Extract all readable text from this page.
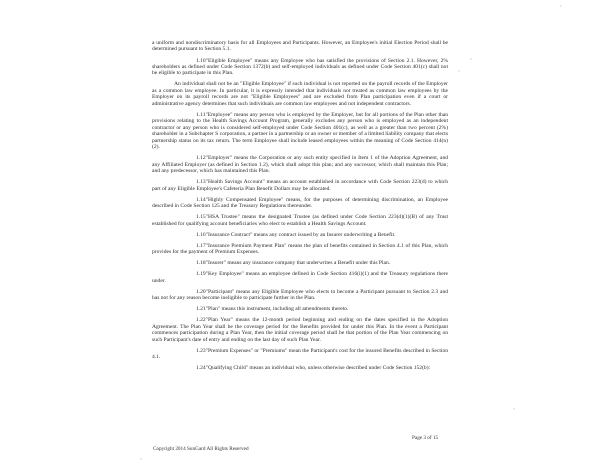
a uniform and nondiscriminatory basis for all Employees and Participants. However, an Employee's initial Election Period shall be determined pursuant to Section 5.1.

1.10"Eligible Employee" means any Employee who has satisfied the provisions of Section 2.1. However, 2% shareholders as defined under Code Section 1372(b) and self-employed individuals as defined under Code Section 401(c) shall not be eligible to participate in this Plan.

An individual shall not be an "Eligible Employee" if such individual is not reported on the payroll records of the Employer as a common law employee. In particular, it is expressly intended that individuals not treated as common law employees by the Employer on its payroll records are not "Eligible Employees" and are excluded from Plan participation even if a court or administrative agency determines that such individuals are common law employees and not independent contractors.

1.11"Employee" means any person who is employed by the Employer, but for all portions of the Plan other than provisions relating to the Health Savings Account Program, generally excludes any person who is employed as an independent contractor or any person who is considered self-employed under Code Section 401(c), as well as a greater than two percent (2%) shareholder in a Subchapter S corporation, a partner in a partnership or an owner or member of a limited liability company that elects partnership status on its tax return. The term Employee shall include leased employees within the meaning of Code Section 414(n)(2).

1.12"Employer" means the Corporation or any such entity specified in Item 1 of the Adoption Agreement, and any Affiliated Employer (as defined in Section 1.2), which shall adopt this plan; and any successor, which shall maintain this Plan; and any predecessor, which has maintained this Plan.

1.13"Health Savings Account" means an account established in accordance with Code Section 223(d) to which part of any Eligible Employee's Cafeteria Plan Benefit Dollars may be allocated.

1.14"Highly Compensated Employee" means, for the purposes of determining discrimination, an Employee described in Code Section 125 and the Treasury Regulations thereunder.

1.15"HSA Trustee" means the designated Trustee (as defined under Code Section 223(d)(1)(B) of any Trust established for qualifying account beneficiaries who elect to establish a Health Savings Account.

1.16"Insurance Contract" means any contract issued by an Insurer underwriting a Benefit.

1.17"Insurance Premium Payment Plan" means the plan of benefits contained in Section 4.1 of this Plan, which provides for the payment of Premium Expenses.

1.18"Insurer" means any insurance company that underwrites a Benefit under this Plan.

1.19"Key Employee" means an employee defined in Code Section 416(i)(1) and the Treasury regulations there under.

1.20"Participant" means any Eligible Employee who elects to become a Participant pursuant to Section 2.3 and has not for any reason become ineligible to participate further in the Plan.

1.21"Plan" means this instrument, including all amendments thereto.

1.22"Plan Year" means the 12-month period beginning and ending on the dates specified in the Adoption Agreement. The Plan Year shall be the coverage period for the Benefits provided for under this Plan. In the event a Participant commences participation during a Plan Year, then the initial coverage period shall be that portion of the Plan Year commencing on such Participant's date of entry and ending on the last day of such Plan Year.

1.23"Premium Expenses" or "Premiums" mean the Participant's cost for the insured Benefits described in Section 4.1.

1.24"Qualifying Child" means an individual who, unless otherwise described under Code Section 152(b):

Page 3 of 15
Copyright 2014 SunGard All Rights Reserved
